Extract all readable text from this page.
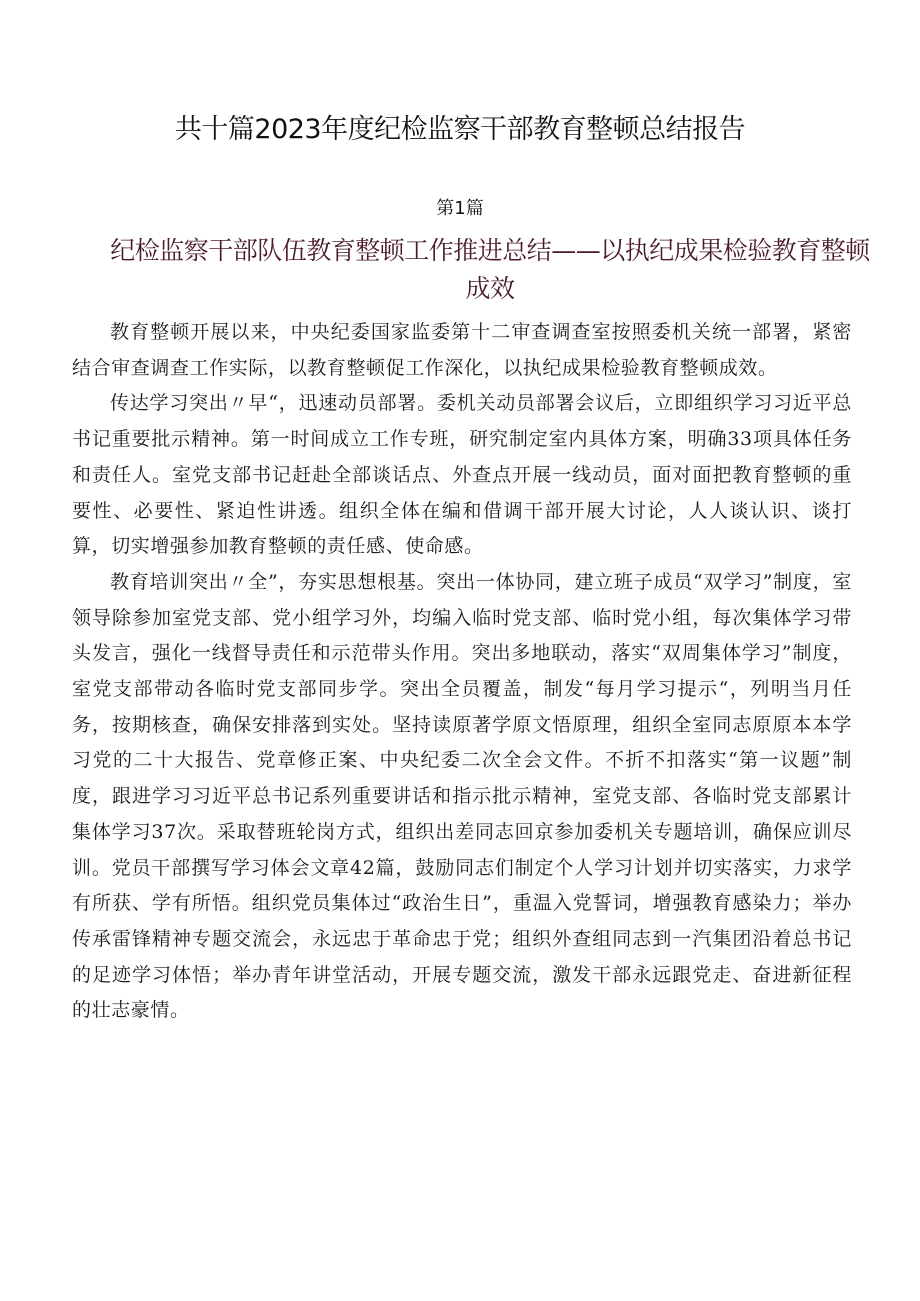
共十篇2023年度纪检监察干部教育整顿总结报告
第1篇
纪检监察干部队伍教育整顿工作推进总结——以执纪成果检验教育整顿成效

教育整顿开展以来，中央纪委国家监委第十二审查调查室按照委机关统一部署，紧密结合审查调查工作实际，以教育整顿促工作深化，以执纪成果检验教育整顿成效。

传达学习突出〃早“，迅速动员部署。委机关动员部署会议后，立即组织学习习近平总书记重要批示精神。第一时间成立工作专班，研究制定室内具体方案，明确33项具体任务和责任人。室党支部书记赶赴全部谈话点、外查点开展一线动员，面对面把教育整顿的重要性、必要性、紧迫性讲透。组织全体在编和借调干部开展大讨论，人人谈认识、谈打算，切实增强参加教育整顿的责任感、使命感。

教育培训突出〃全”，夯实思想根基。突出一体协同，建立班子成员“双学习”制度，室领导除参加室党支部、党小组学习外，均编入临时党支部、临时党小组，每次集体学习带头发言，强化一线督导责任和示范带头作用。突出多地联动，落实“双周集体学习”制度，室党支部带动各临时党支部同步学。突出全员覆盖，制发“每月学习提示“，列明当月任务，按期核查，确保安排落到实处。坚持读原著学原文悟原理，组织全室同志原原本本学习党的二十大报告、党章修正案、中央纪委二次全会文件。不折不扣落实“第一议题”制度，跟进学习习近平总书记系列重要讲话和指示批示精神，室党支部、各临时党支部累计集体学习37次。采取替班轮岗方式，组织出差同志回京参加委机关专题培训，确保应训尽训。党员干部撰写学习体会文章42篇，鼓励同志们制定个人学习计划并切实落实，力求学有所获、学有所悟。组织党员集体过“政治生日”，重温入党誓词，增强教育感染力；举办传承雷锋精神专题交流会，永远忠于革命忠于党；组织外查组同志到一汽集团沿着总书记的足迹学习体悟；举办青年讲堂活动，开展专题交流，激发干部永远跟党走、奋进新征程的壮志豪情。
